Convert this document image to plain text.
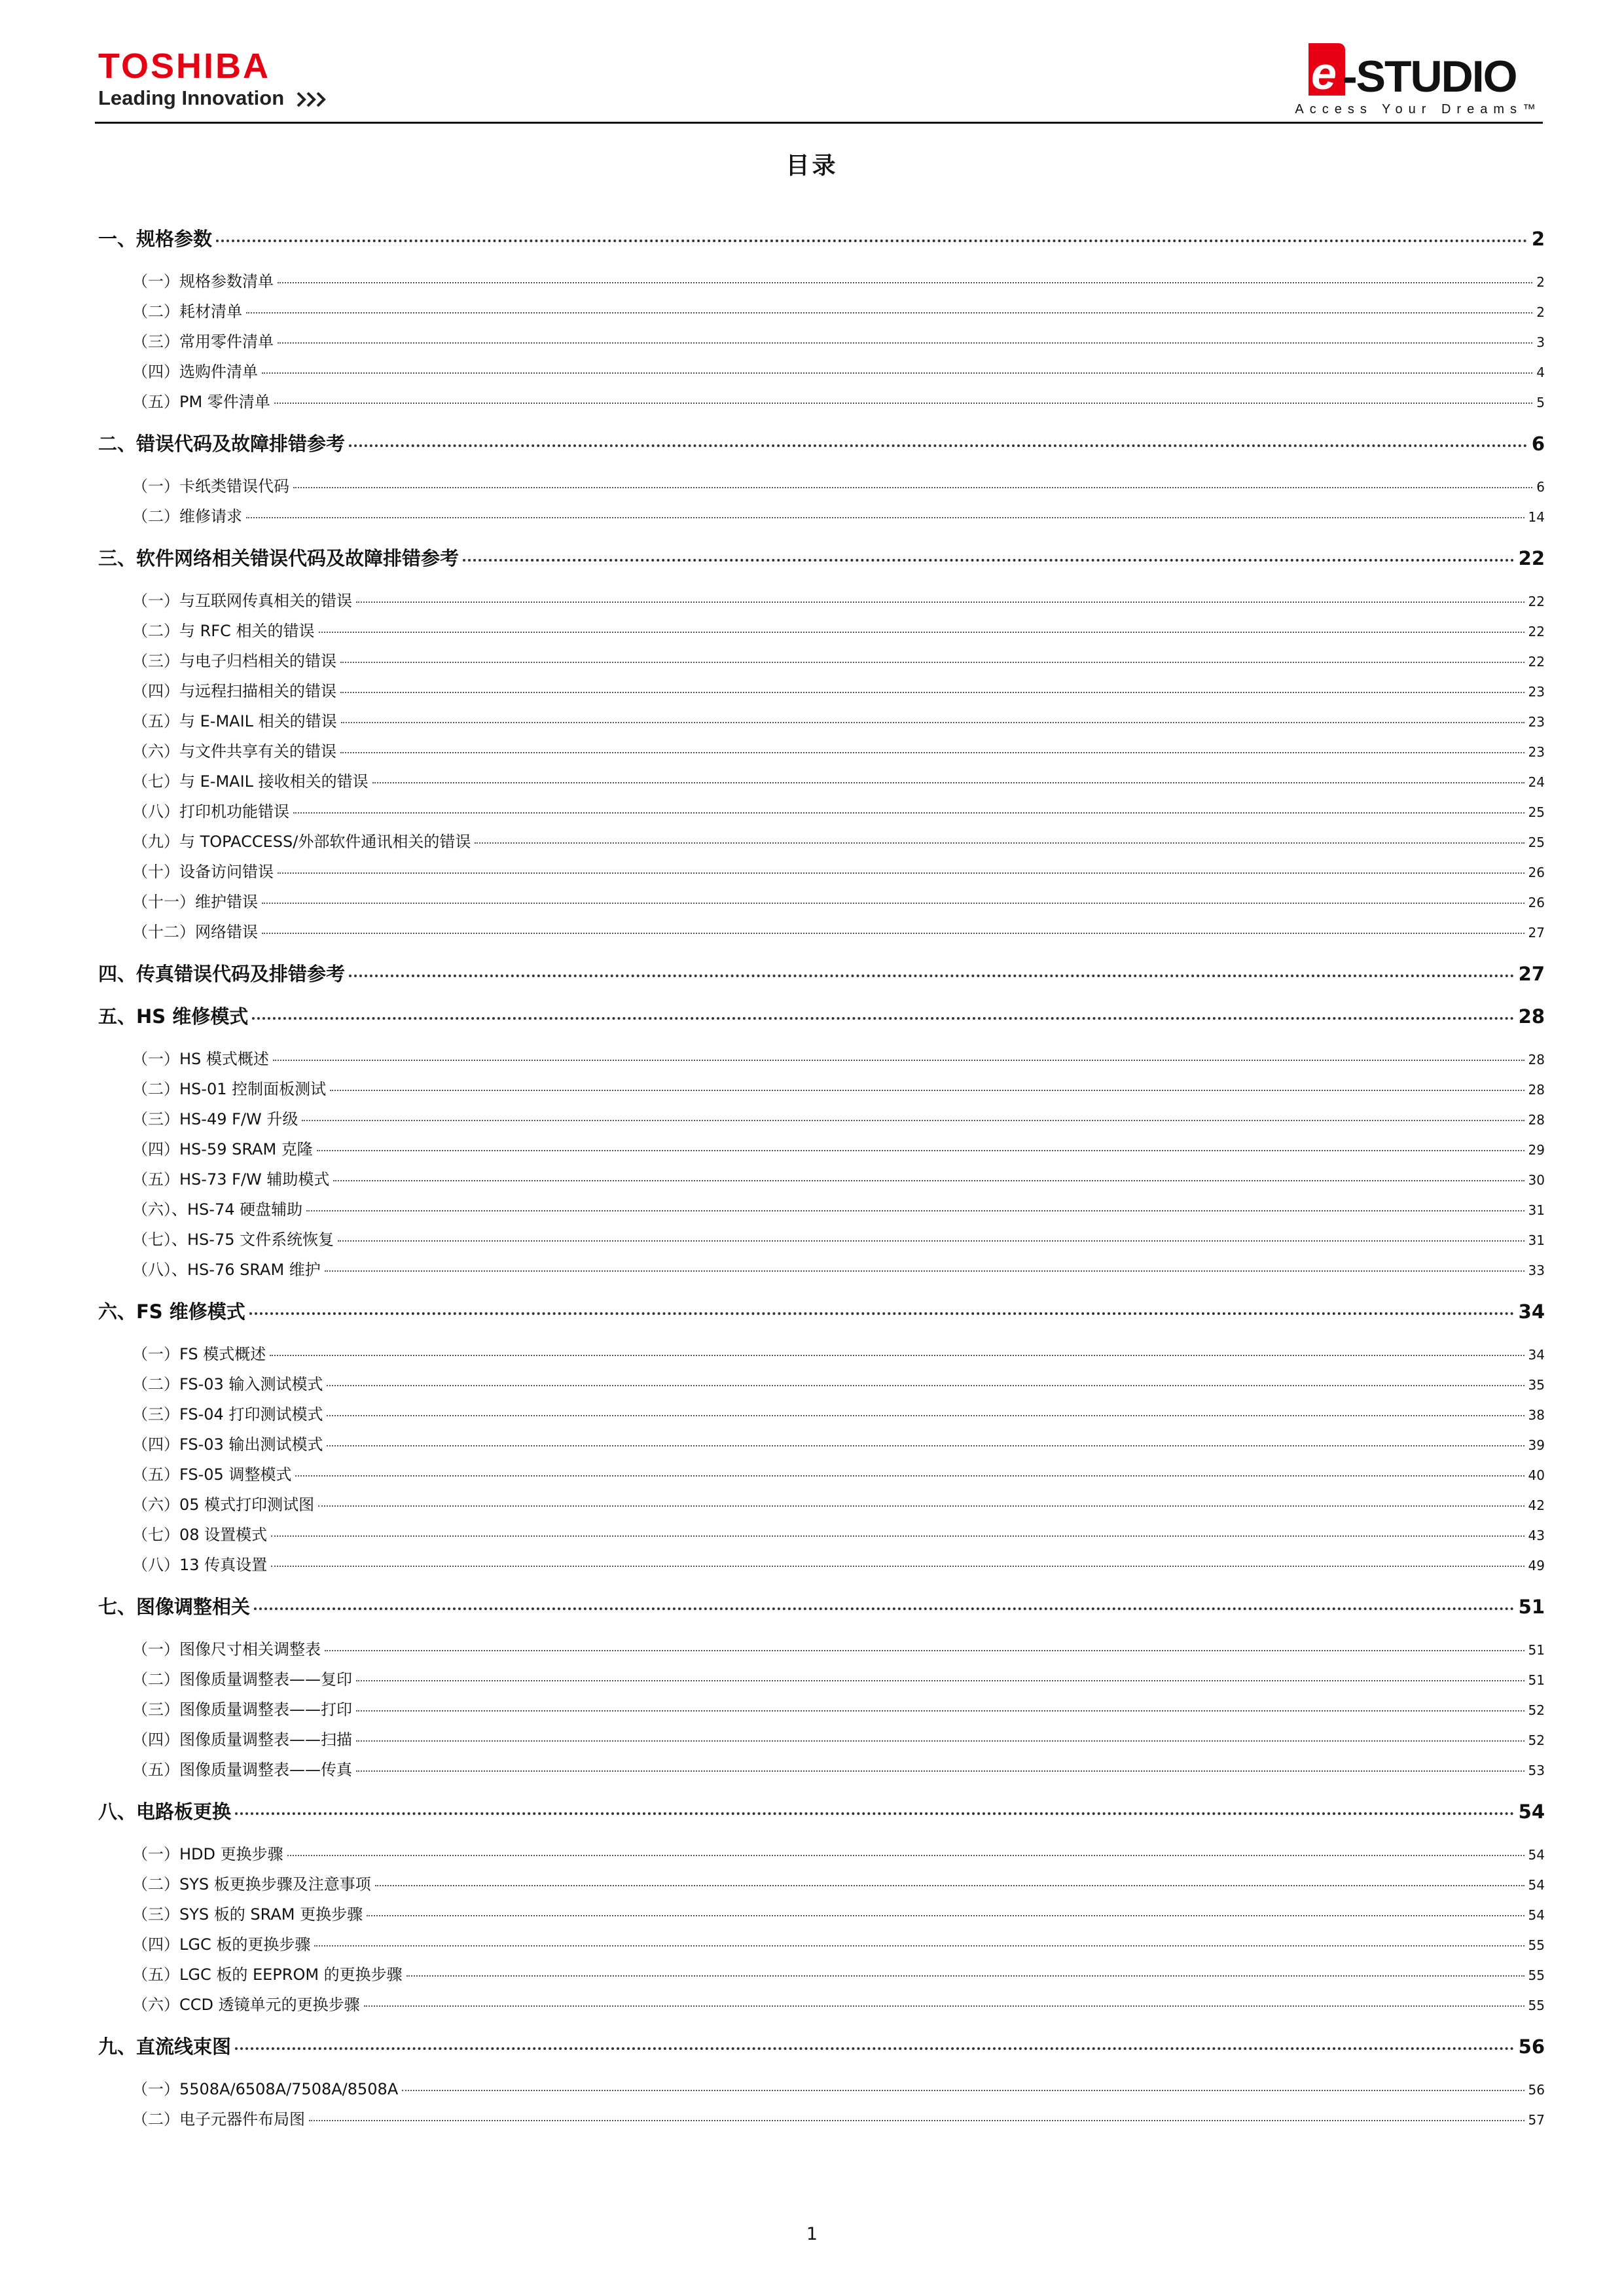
TOSHIBA
Leading Innovation	e -STUDIO
Access Your Dreams™
目录
一、规格参数	2
（一）规格参数清单	2
（二）耗材清单	2
（三）常用零件清单	3
（四）选购件清单	4
（五）PM 零件清单	5
二、错误代码及故障排错参考	6
（一）卡纸类错误代码	6
（二）维修请求	14
三、软件网络相关错误代码及故障排错参考	22
（一）与互联网传真相关的错误	22
（二）与 RFC 相关的错误	22
（三）与电子归档相关的错误	22
（四）与远程扫描相关的错误	23
（五）与 E-MAIL 相关的错误	23
（六）与文件共享有关的错误	23
（七）与 E-MAIL 接收相关的错误	24
（八）打印机功能错误	25
（九）与 TOPACCESS/外部软件通讯相关的错误	25
（十）设备访问错误	26
（十一）维护错误	26
（十二）网络错误	27
四、传真错误代码及排错参考	27
五、HS 维修模式	28
（一）HS 模式概述	28
（二）HS-01 控制面板测试	28
（三）HS-49 F/W 升级	28
（四）HS-59 SRAM 克隆	29
（五）HS-73 F/W 辅助模式	30
（六）、HS-74 硬盘辅助	31
（七）、HS-75 文件系统恢复	31
（八）、HS-76 SRAM 维护	33
六、FS 维修模式	34
（一）FS 模式概述	34
（二）FS-03 输入测试模式	35
（三）FS-04 打印测试模式	38
（四）FS-03 输出测试模式	39
（五）FS-05 调整模式	40
（六）05 模式打印测试图	42
（七）08 设置模式	43
（八）13 传真设置	49
七、图像调整相关	51
（一）图像尺寸相关调整表	51
（二）图像质量调整表——复印	51
（三）图像质量调整表——打印	52
（四）图像质量调整表——扫描	52
（五）图像质量调整表——传真	53
八、电路板更换	54
（一）HDD 更换步骤	54
（二）SYS 板更换步骤及注意事项	54
（三）SYS 板的 SRAM 更换步骤	54
（四）LGC 板的更换步骤	55
（五）LGC 板的 EEPROM 的更换步骤	55
（六）CCD 透镜单元的更换步骤	55
九、直流线束图	56
（一）5508A/6508A/7508A/8508A	56
（二）电子元器件布局图	57
1
